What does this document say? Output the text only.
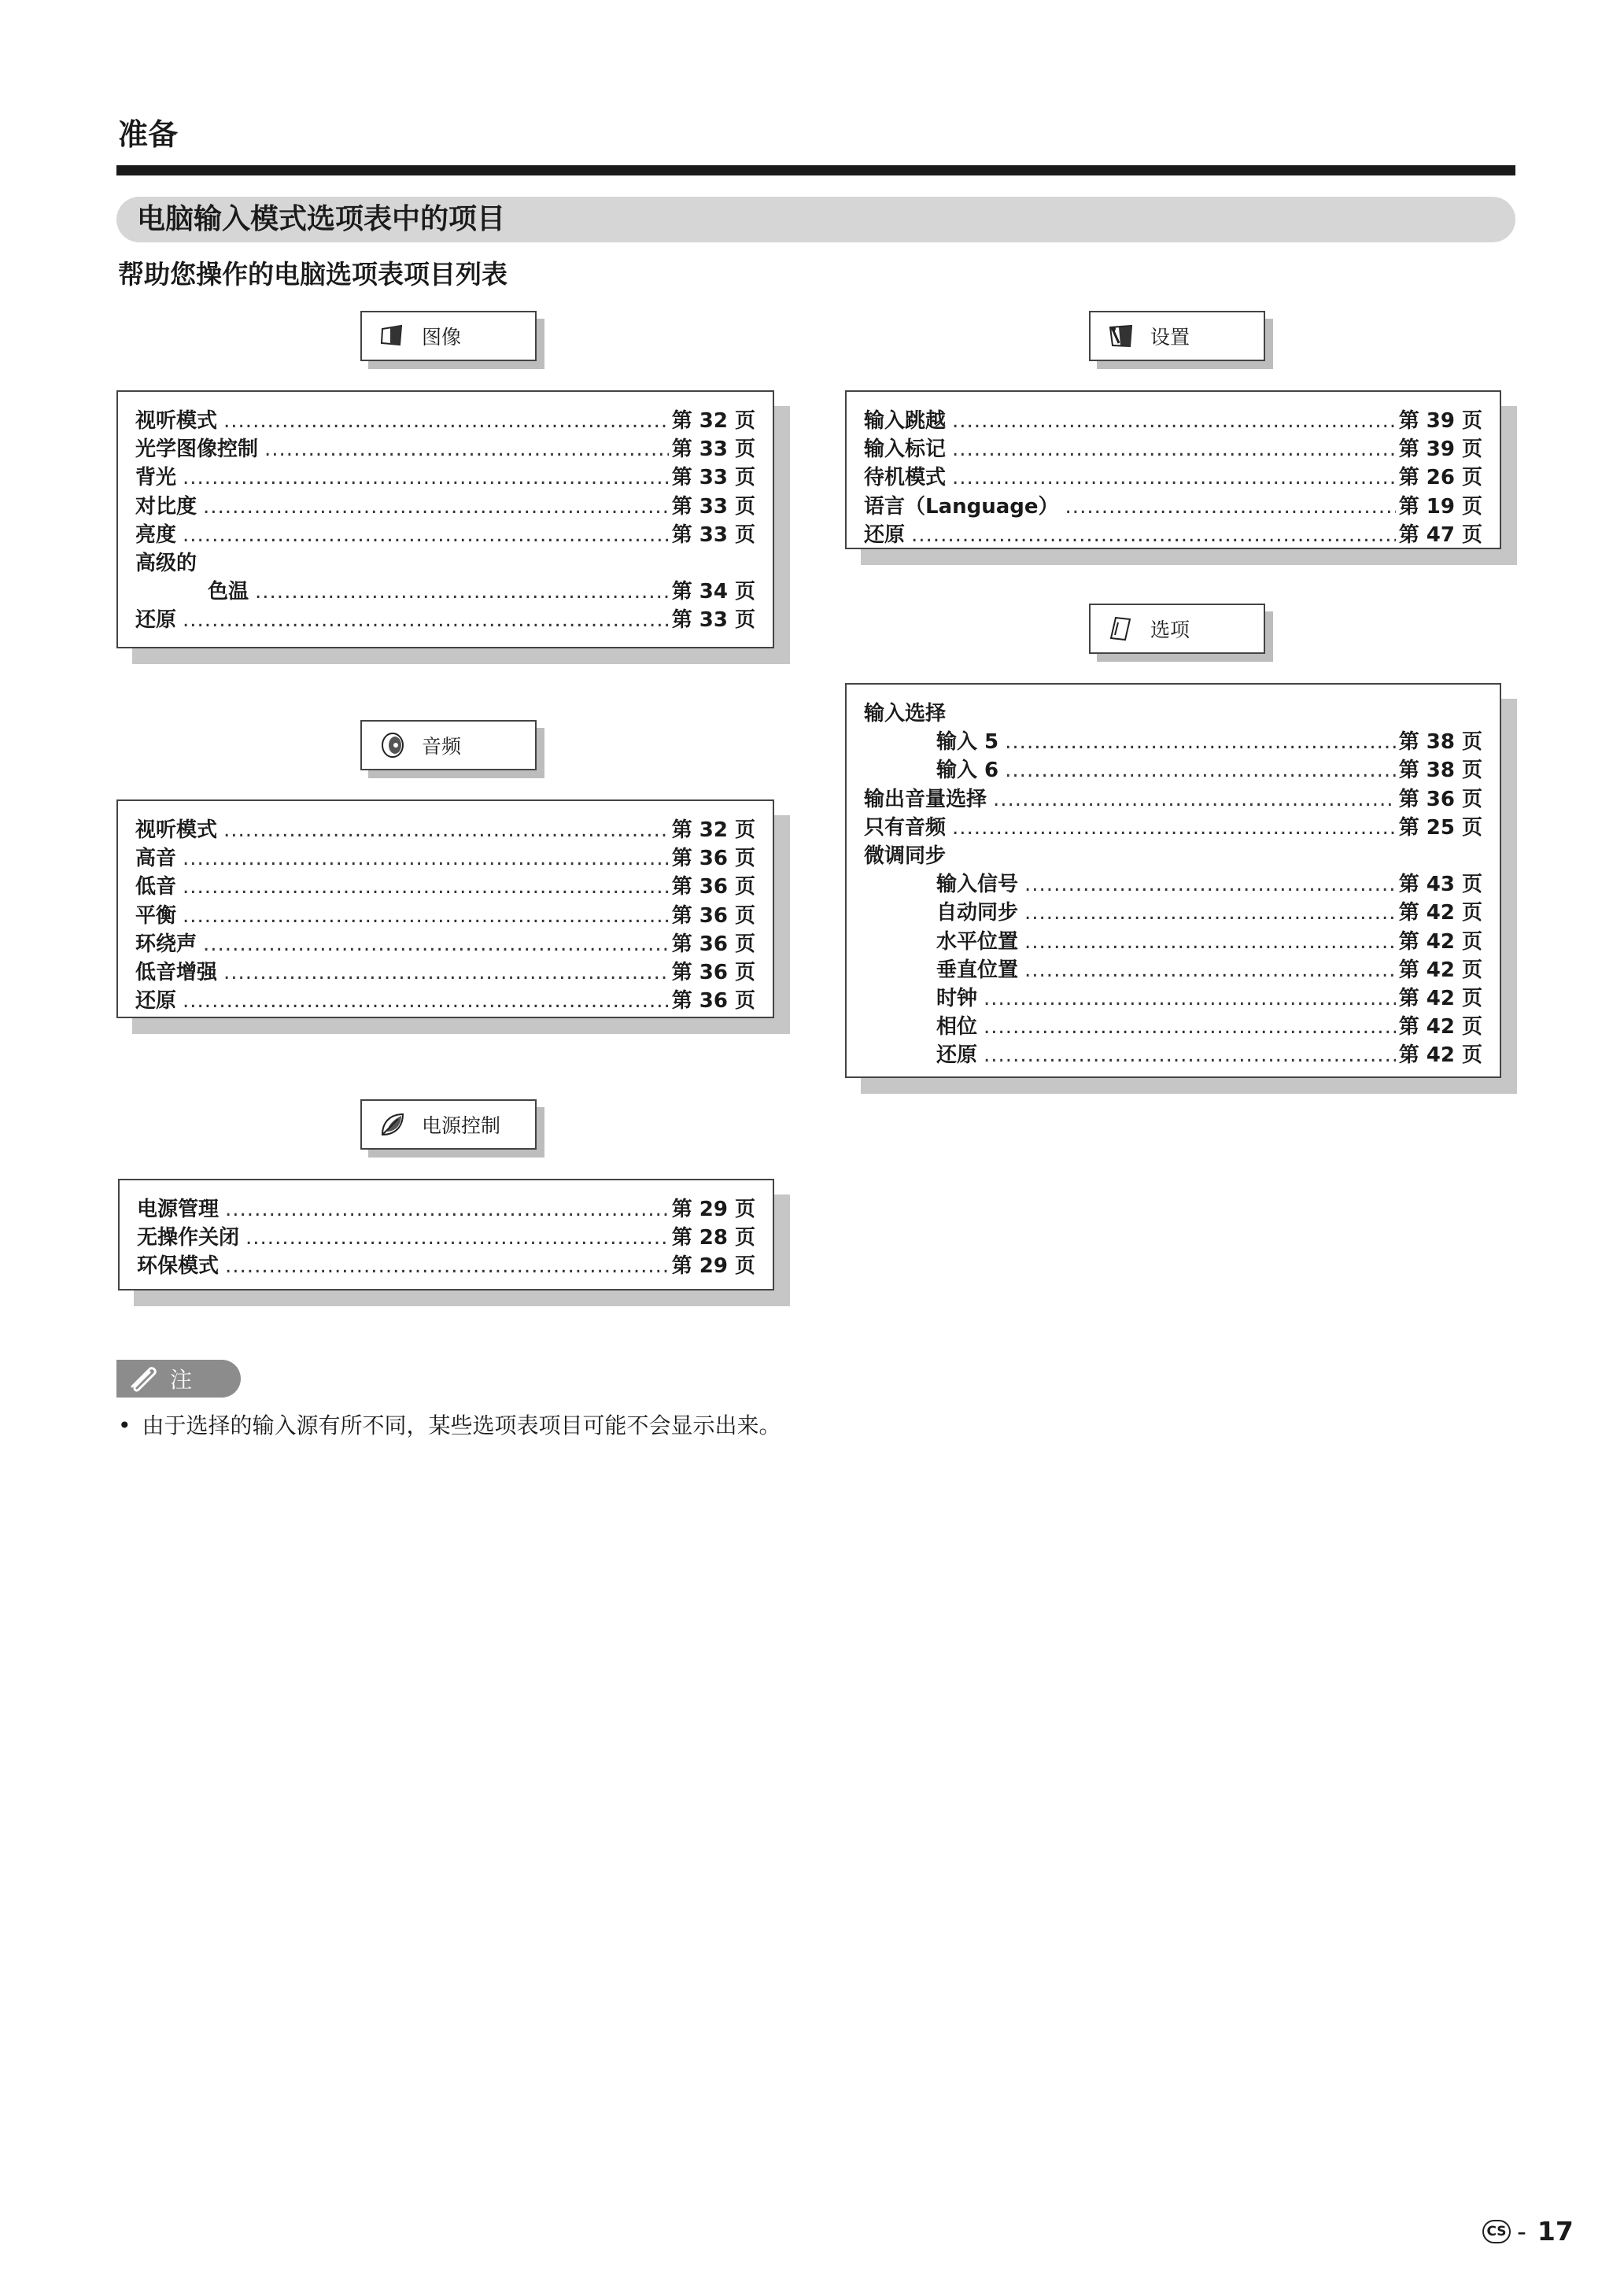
准备
电脑输入模式选项表中的项目
帮助您操作的电脑选项表项目列表
图像
视听模式 .....	第 32 页
光学图像控制 .....	第 33 页
背光 .....	第 33 页
对比度 .....	第 33 页
亮度 .....	第 33 页
高级的
色温 .....	第 34 页
还原 .....	第 33 页
音频
视听模式 .....	第 32 页
高音 .....	第 36 页
低音 .....	第 36 页
平衡 .....	第 36 页
环绕声 .....	第 36 页
低音增强 .....	第 36 页
还原 .....	第 36 页
电源控制
电源管理 .....	第 29 页
无操作关闭 .....	第 28 页
环保模式 .....	第 29 页
设置
输入跳越 .....	第 39 页
输入标记 .....	第 39 页
待机模式 .....	第 26 页
语言（Language） .....	第 19 页
还原 .....	第 47 页
选项
输入选择
输入 5 .....	第 38 页
输入 6 .....	第 38 页
输出音量选择 .....	第 36 页
只有音频 .....	第 25 页
微调同步
输入信号 .....	第 43 页
自动同步 .....	第 42 页
水平位置 .....	第 42 页
垂直位置 .....	第 42 页
时钟 .....	第 42 页
相位 .....	第 42 页
还原 .....	第 42 页
注
• 由于选择的输入源有所不同，某些选项表项目可能不会显示出来。
CS - 17
